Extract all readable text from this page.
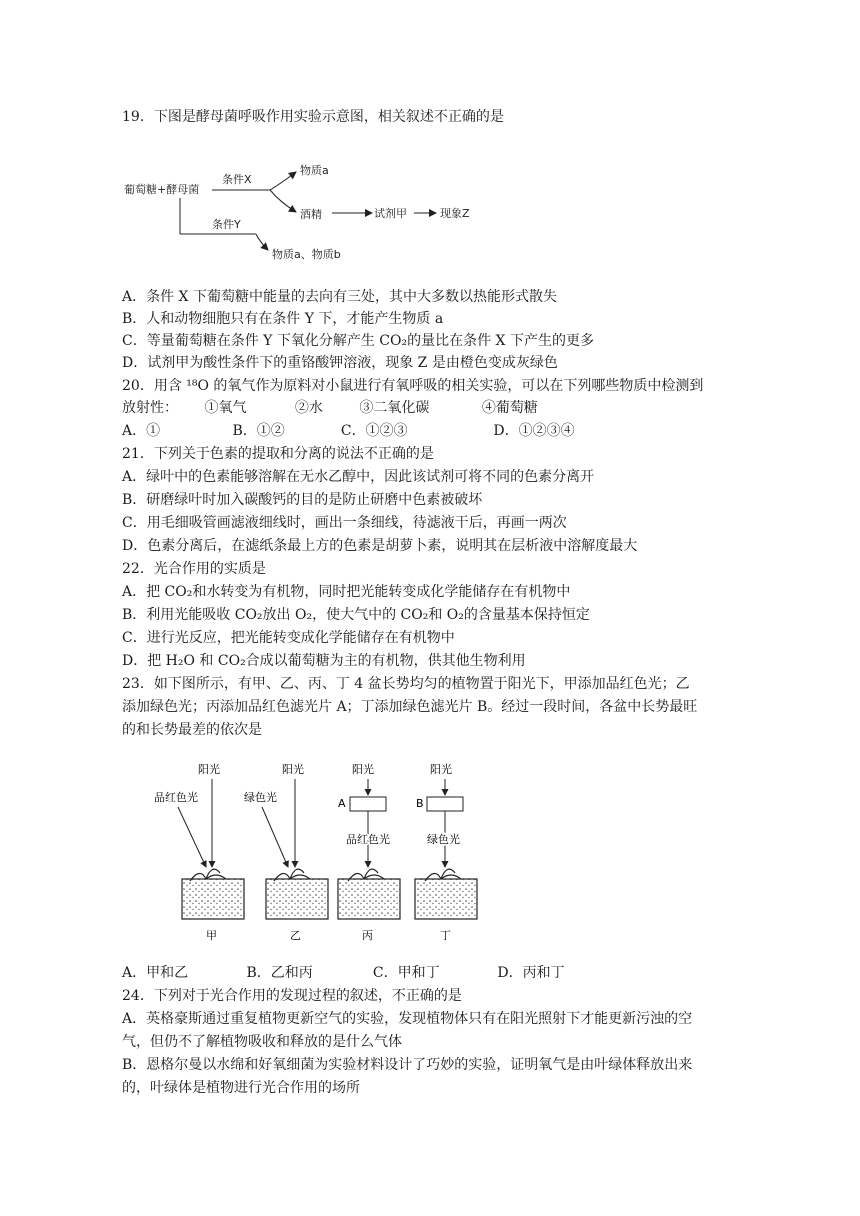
19．下图是酵母菌呼吸作用实验示意图，相关叙述不正确的是
葡萄糖+酵母菌
条件X
物质a
酒精
条件Y
物质a、物质b
试剂甲	现象Z
A．条件 X 下葡萄糖中能量的去向有三处，其中大多数以热能形式散失
B．人和动物细胞只有在条件 Y 下，才能产生物质 a
C．等量葡萄糖在条件 Y 下氧化分解产生 CO₂的量比在条件 X 下产生的更多
D．试剂甲为酸性条件下的重铬酸钾溶液，现象 Z 是由橙色变成灰绿色
20．用含 ¹⁸O 的氧气作为原料对小鼠进行有氧呼吸的相关实验，可以在下列哪些物质中检测到
放射性： ①氧气	②水	③二氧化碳	④葡萄糖
A．①	B．①②	C．①②③	D．①②③④
21．下列关于色素的提取和分离的说法不正确的是
A．绿叶中的色素能够溶解在无水乙醇中，因此该试剂可将不同的色素分离开
B．研磨绿叶时加入碳酸钙的目的是防止研磨中色素被破坏
C．用毛细吸管画滤液细线时，画出一条细线，待滤液干后，再画一两次
D．色素分离后，在滤纸条最上方的色素是胡萝卜素，说明其在层析液中溶解度最大
22．光合作用的实质是
A．把 CO₂和水转变为有机物，同时把光能转变成化学能储存在有机物中
B．利用光能吸收 CO₂放出 O₂，使大气中的 CO₂和 O₂的含量基本保持恒定
C．进行光反应，把光能转变成化学能储存在有机物中
D．把 H₂O 和 CO₂合成以葡萄糖为主的有机物，供其他生物利用
23．如下图所示，有甲、乙、丙、丁 4 盆长势均匀的植物置于阳光下，甲添加品红色光；乙
添加绿色光；丙添加品红色滤光片 A；丁添加绿色滤光片 B。经过一段时间，各盆中长势最旺
的和长势最差的依次是
阳光
品红色光
甲
阳光
绿色光
乙
阳光
A
品红色光
丙
阳光
B
绿色光
丁
A．甲和乙	B．乙和丙	C．甲和丁	D．丙和丁
24．下列对于光合作用的发现过程的叙述，不正确的是
A．英格豪斯通过重复植物更新空气的实验，发现植物体只有在阳光照射下才能更新污浊的空
气，但仍不了解植物吸收和释放的是什么气体
B．恩格尔曼以水绵和好氧细菌为实验材料设计了巧妙的实验，证明氧气是由叶绿体释放出来
的，叶绿体是植物进行光合作用的场所
